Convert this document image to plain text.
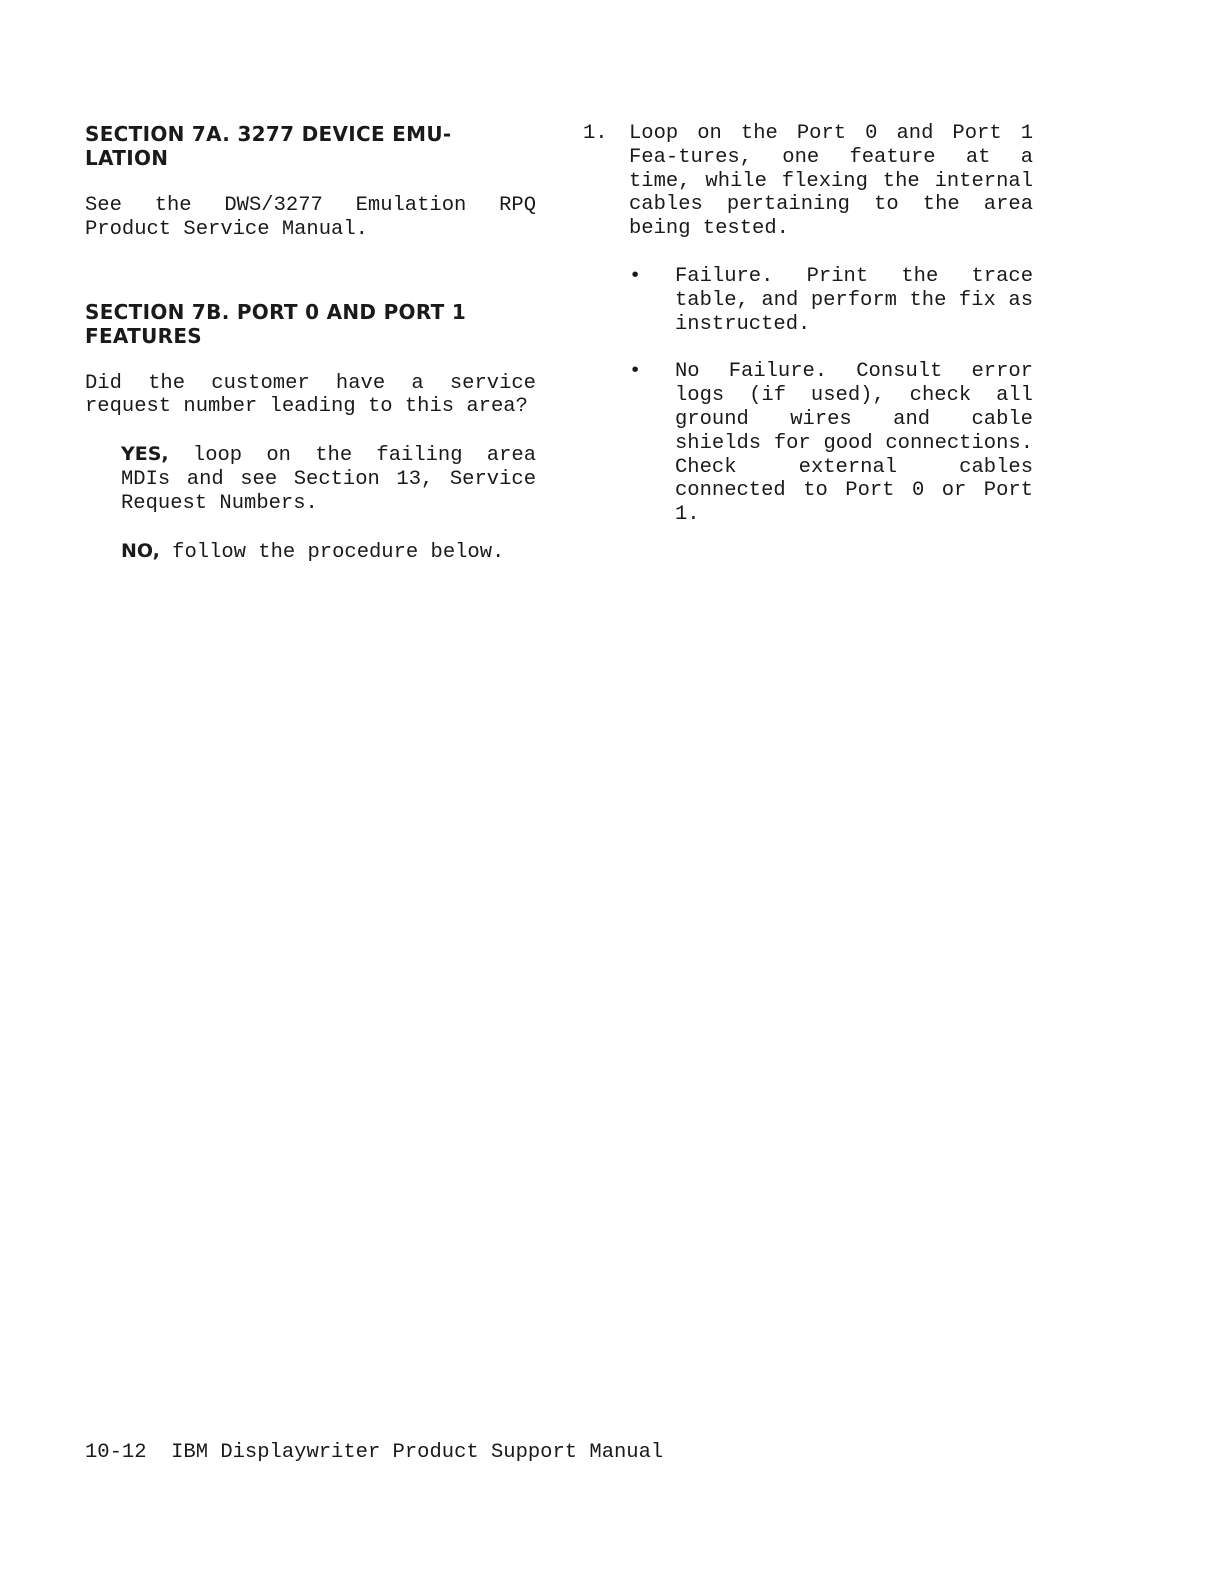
SECTION 7A. 3277 DEVICE EMU-
LATION

See the DWS/3277 Emulation RPQ Product Service Manual.

SECTION 7B. PORT 0 AND PORT 1
FEATURES

Did the customer have a service request number leading to this area?

YES, loop on the failing area MDIs and see Section 13, Service Request Numbers.

NO, follow the procedure below.

1.	Loop on the Port 0 and Port 1 Fea-tures, one feature at a time, while flexing the internal cables pertaining to the area being tested.
•	Failure. Print the trace table, and perform the fix as instructed.
•	No Failure. Consult error logs (if used), check all ground wires and cable shields for good connections. Check external cables connected to Port 0 or Port 1.
10-12 IBM Displaywriter Product Support Manual
